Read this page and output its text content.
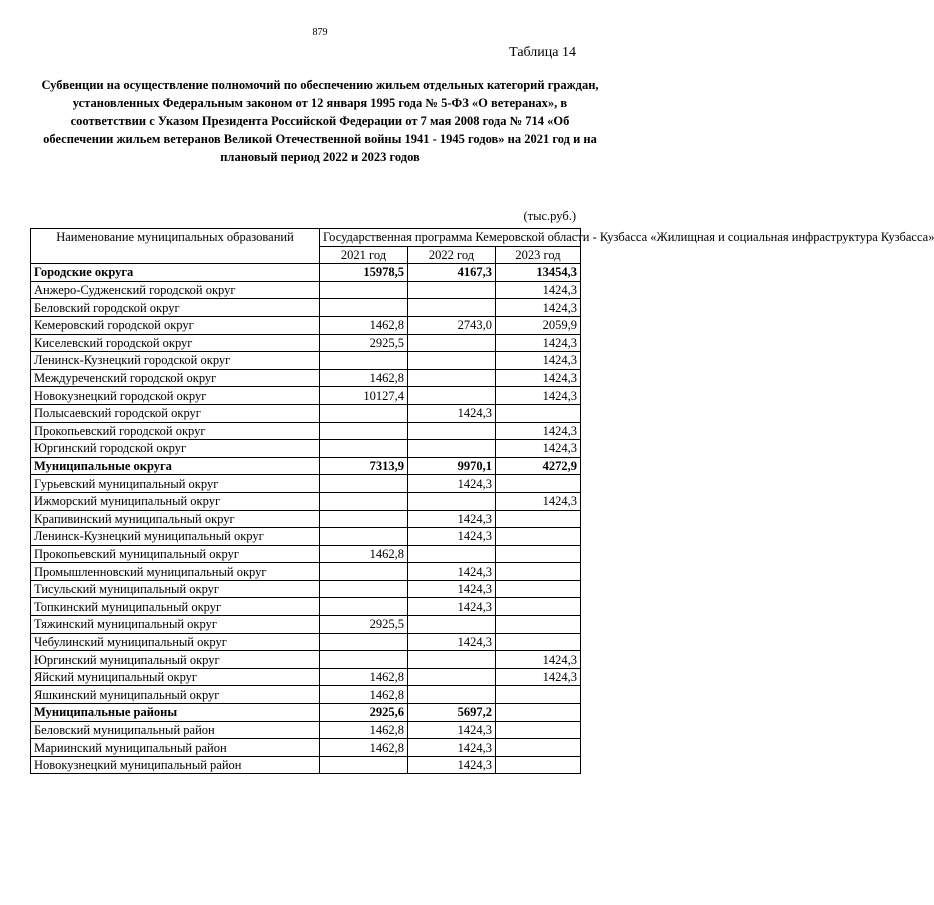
879
Таблица 14
Субвенции на осуществление полномочий по обеспечению жильем отдельных категорий граждан, установленных Федеральным законом от 12 января 1995 года № 5-ФЗ «О ветеранах», в соответствии с Указом Президента Российской Федерации от 7 мая 2008 года № 714 «Об обеспечении жильем ветеранов Великой Отечественной войны 1941 - 1945 годов» на 2021 год и на плановый период 2022 и 2023 годов
(тыс.руб.)
Наименование муниципальных образований	Государственная программа Кемеровской области - Кузбасса «Жилищная и социальная инфраструктура Кузбасса»		
	2021 год	2022 год	2023 год
Городские округа	15978,5	4167,3	13454,3
Анжеро-Судженский городской округ			1424,3
Беловский городской округ			1424,3
Кемеровский городской округ	1462,8	2743,0	2059,9
Киселевский городской округ	2925,5		1424,3
Ленинск-Кузнецкий городской округ			1424,3
Междуреченский городской округ	1462,8		1424,3
Новокузнецкий городской округ	10127,4		1424,3
Полысаевский городской округ		1424,3	
Прокопьевский городской округ			1424,3
Юргинский городской округ			1424,3
Муниципальные округа	7313,9	9970,1	4272,9
Гурьевский муниципальный округ		1424,3	
Ижморский муниципальный округ			1424,3
Крапивинский муниципальный округ		1424,3	
Ленинск-Кузнецкий муниципальный округ		1424,3	
Прокопьевский муниципальный округ	1462,8		
Промышленновский муниципальный округ		1424,3	
Тисульский муниципальный округ		1424,3	
Топкинский муниципальный округ		1424,3	
Тяжинский муниципальный округ	2925,5		
Чебулинский муниципальный округ		1424,3	
Юргинский муниципальный округ			1424,3
Яйский муниципальный округ	1462,8		1424,3
Яшкинский муниципальный округ	1462,8		
Муниципальные районы	2925,6	5697,2	
Беловский муниципальный район	1462,8	1424,3	
Мариинский муниципальный район	1462,8	1424,3	
Новокузнецкий муниципальный район		1424,3	
